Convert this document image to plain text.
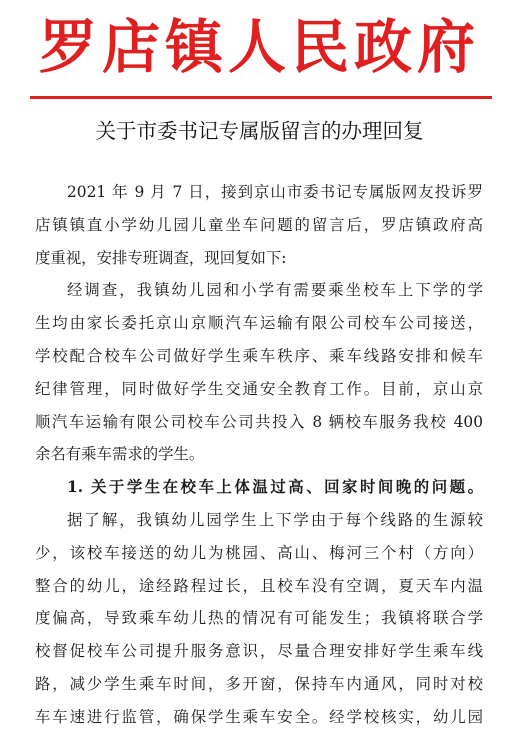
罗店镇人民政府
关于市委书记专属版留言的办理回复
2021 年 9 月 7 日，接到京山市委书记专属版网友投诉罗
店镇镇直小学幼儿园儿童坐车问题的留言后，罗店镇政府高
度重视，安排专班调查，现回复如下:
经调查，我镇幼儿园和小学有需要乘坐校车上下学的学
生均由家长委托京山京顺汽车运输有限公司校车公司接送，
学校配合校车公司做好学生乘车秩序、乘车线路安排和候车
纪律管理，同时做好学生交通安全教育工作。目前，京山京
顺汽车运输有限公司校车公司共投入 8 辆校车服务我校 400
余名有乘车需求的学生。
1. 关于学生在校车上体温过高、回家时间晚的问题。
据了解，我镇幼儿园学生上下学由于每个线路的生源较
少，该校车接送的幼儿为桃园、高山、梅河三个村（方向）
整合的幼儿，途经路程过长，且校车没有空调，夏天车内温
度偏高，导致乘车幼儿热的情况有可能发生；我镇将联合学
校督促校车公司提升服务意识，尽量合理安排好学生乘车线
路，减少学生乘车时间，多开窗，保持车内通风，同时对校
车车速进行监管，确保学生乘车安全。经学校核实，幼儿园
